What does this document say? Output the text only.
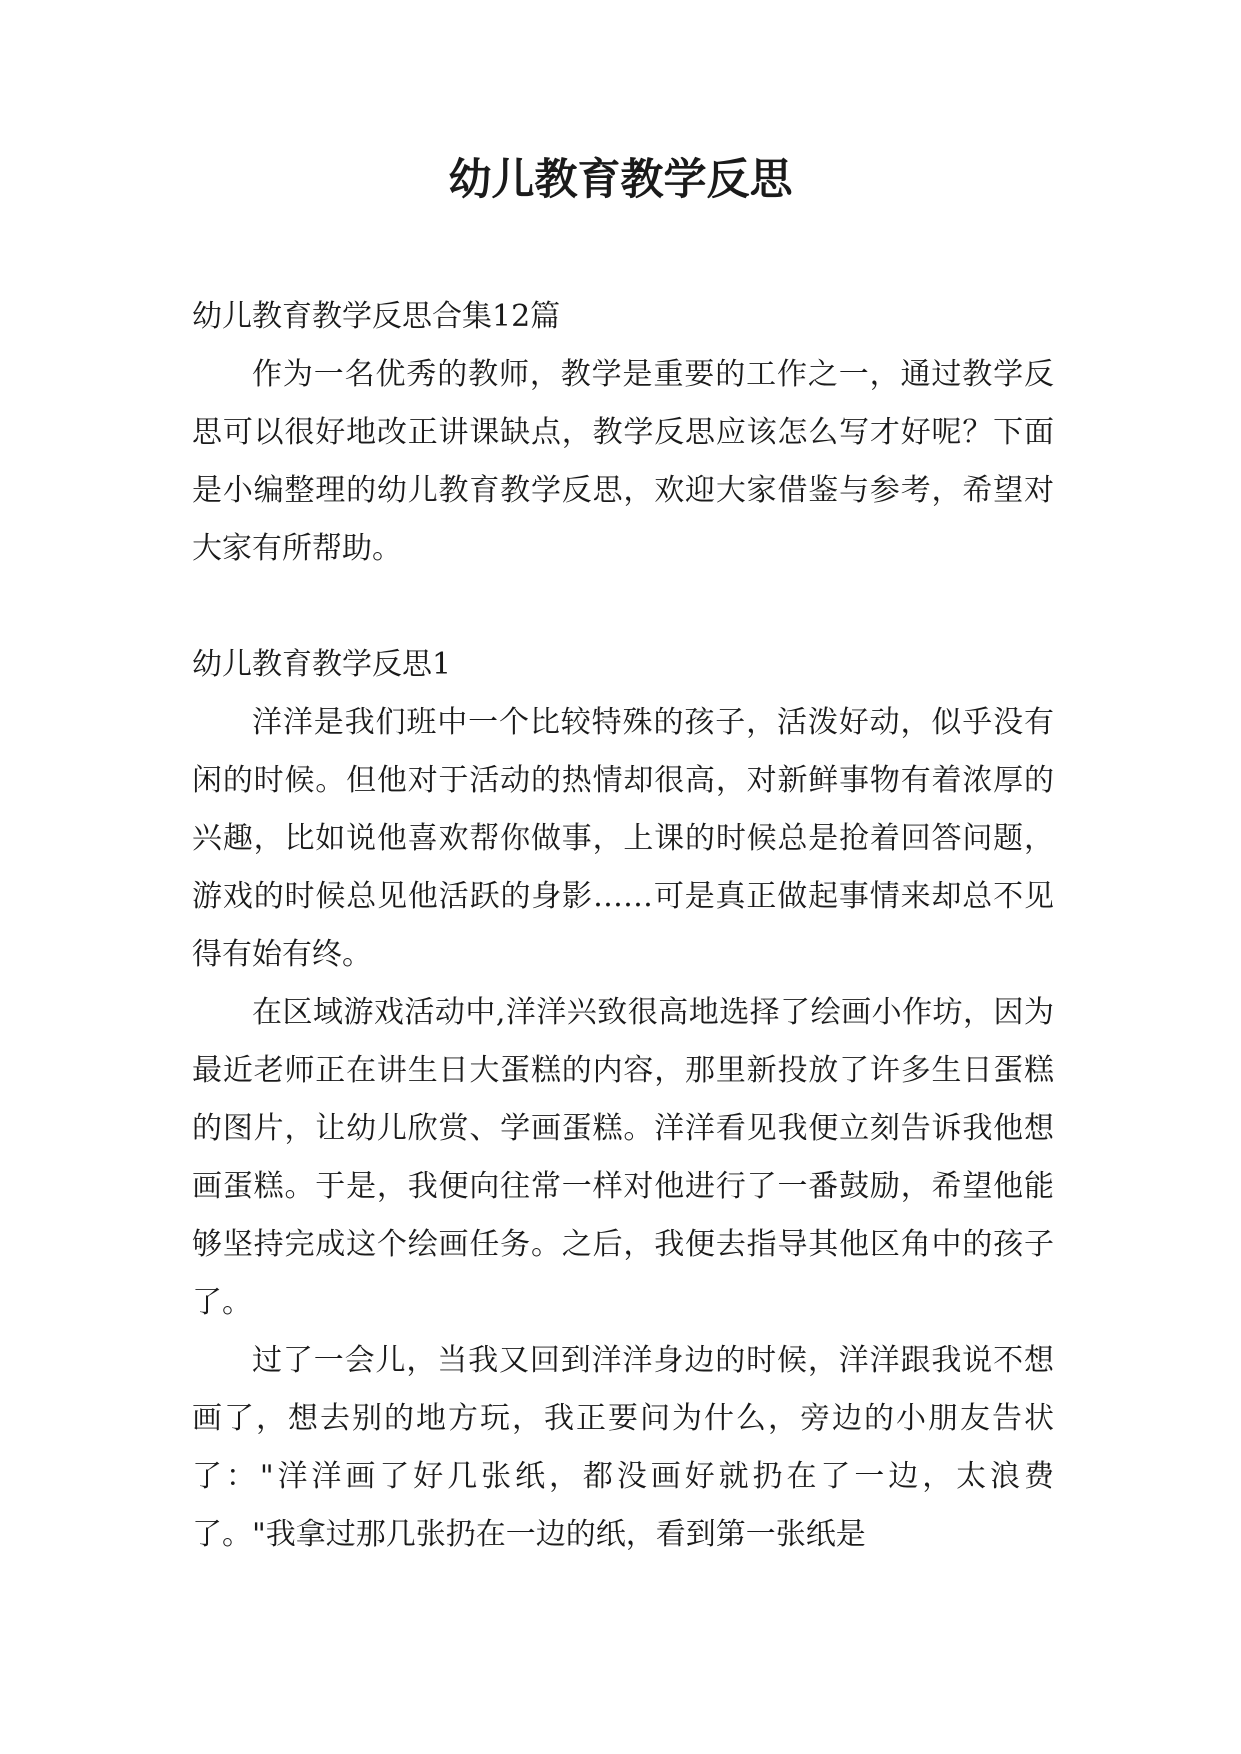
幼儿教育教学反思

幼儿教育教学反思合集12篇

作为一名优秀的教师，教学是重要的工作之一，通过教学反思可以很好地改正讲课缺点，教学反思应该怎么写才好呢？下面是小编整理的幼儿教育教学反思，欢迎大家借鉴与参考，希望对大家有所帮助。

幼儿教育教学反思1

洋洋是我们班中一个比较特殊的孩子，活泼好动，似乎没有闲的时候。但他对于活动的热情却很高，对新鲜事物有着浓厚的兴趣，比如说他喜欢帮你做事，上课的时候总是抢着回答问题，游戏的时候总见他活跃的身影……可是真正做起事情来却总不见得有始有终。

在区域游戏活动中,洋洋兴致很高地选择了绘画小作坊，因为最近老师正在讲生日大蛋糕的内容，那里新投放了许多生日蛋糕的图片，让幼儿欣赏、学画蛋糕。洋洋看见我便立刻告诉我他想画蛋糕。于是，我便向往常一样对他进行了一番鼓励，希望他能够坚持完成这个绘画任务。之后，我便去指导其他区角中的孩子了。

过了一会儿，当我又回到洋洋身边的时候，洋洋跟我说不想画了，想去别的地方玩，我正要问为什么，旁边的小朋友告状了："洋洋画了好几张纸，都没画好就扔在了一边，太浪费了。"我拿过那几张扔在一边的纸，看到第一张纸是
